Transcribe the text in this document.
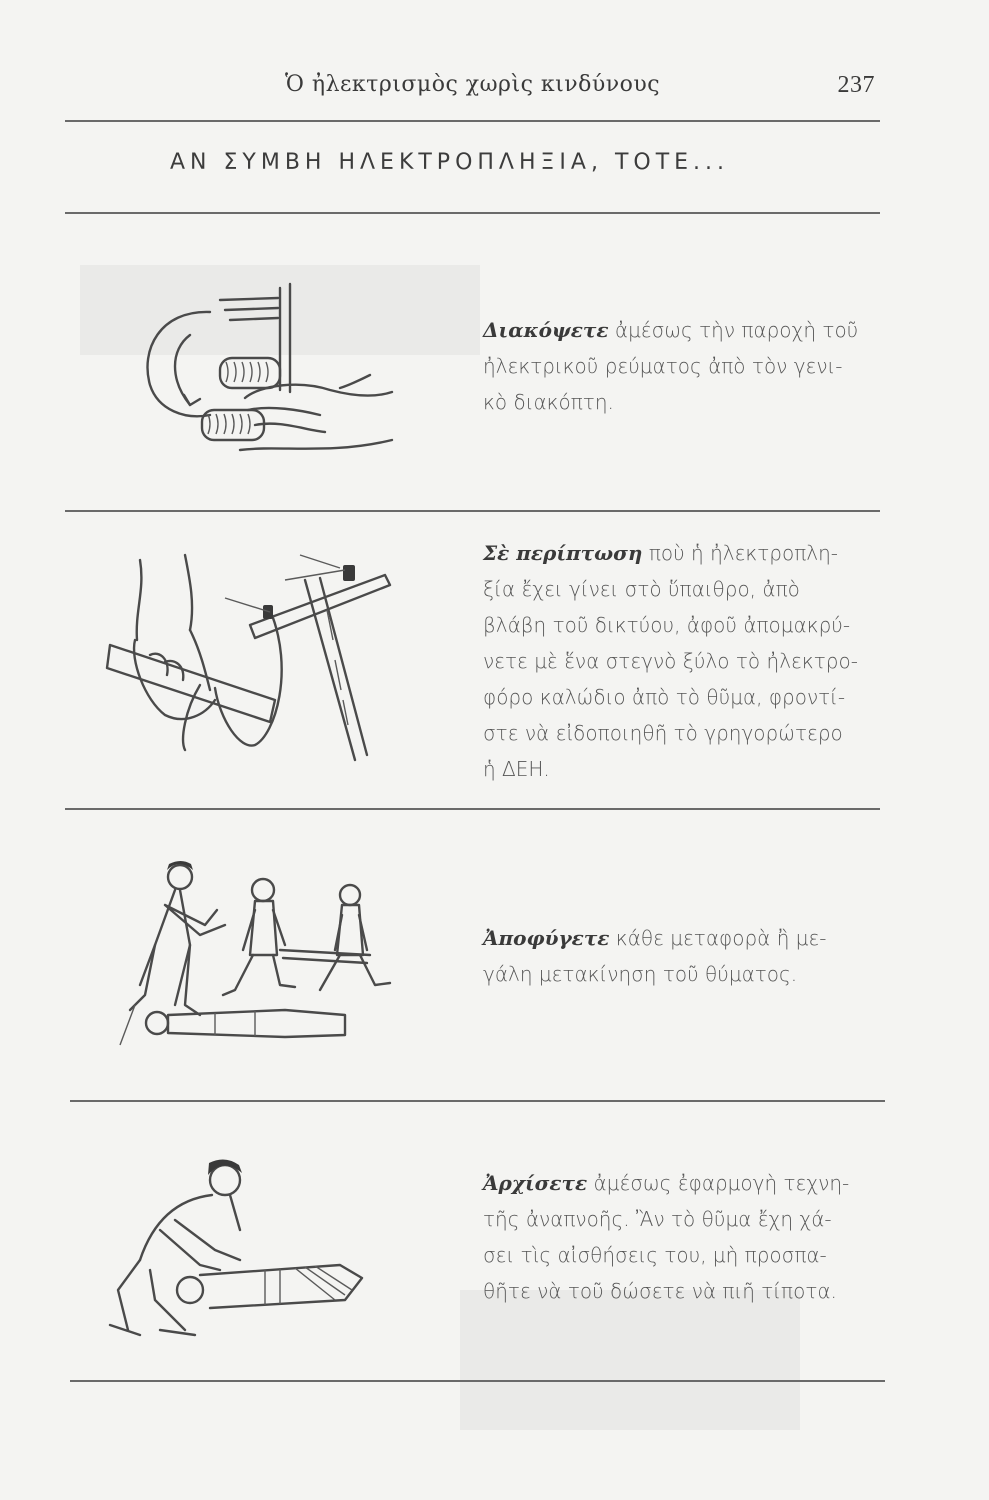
Ὁ ἠλεκτρισμὸς χωρὶς κινδύνους	237
ΑΝ ΣΥΜΒΗ ΗΛΕΚΤΡΟΠΛΗΞΙΑ, ΤΟΤΕ...

Διακόψετε ἀμέσως τὴν παροχὴ τοῦ

ἠλεκτρικοῦ ρεύματος ἀπὸ τὸν γενι-

κὸ διακόπτη.

Σὲ περίπτωση ποὺ ἡ ἠλεκτροπλη-

ξία ἔχει γίνει στὸ ὕπαιθρο, ἀπὸ

βλάβη τοῦ δικτύου, ἀφοῦ ἀπομακρύ-

νετε μὲ ἕνα στεγνὸ ξύλο τὸ ἠλεκτρο-

φόρο καλώδιο ἀπὸ τὸ θῦμα, φροντί-

στε νὰ εἰδοποιηθῆ τὸ γρηγορώτερο

ἡ ΔΕΗ.

Ἀποφύγετε κάθε μεταφορὰ ἢ με-

γάλη μετακίνηση τοῦ θύματος.

Ἀρχίσετε ἀμέσως ἐφαρμογὴ τεχνη-

τῆς ἀναπνοῆς. Ἂν τὸ θῦμα ἔχη χά-

σει τὶς αἰσθήσεις του, μὴ προσπα-

θῆτε νὰ τοῦ δώσετε νὰ πιῆ τίποτα.
